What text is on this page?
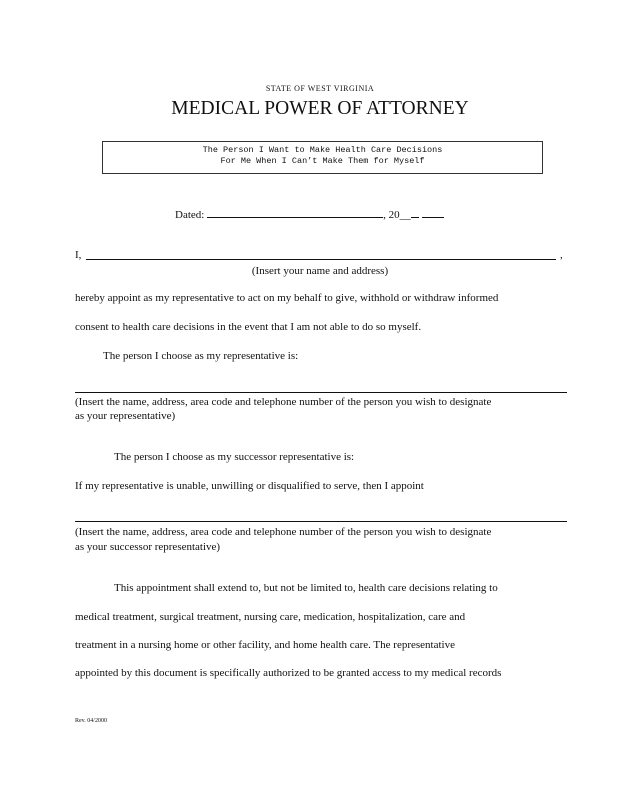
STATE OF WEST VIRGINIA
MEDICAL POWER OF ATTORNEY
The Person I Want to Make Health Care Decisions
For Me When I Can’t Make Them for Myself
Dated:	, 20__
I,	,
(Insert your name and address)
hereby appoint as my representative to act on my behalf to give, withhold or withdraw informed
consent to health care decisions in the event that I am not able to do so myself.
The person I choose as my representative is:
(Insert the name, address, area code and telephone number of the person you wish to designate
as your representative)
The person I choose as my successor representative is:
If my representative is unable, unwilling or disqualified to serve, then I appoint
(Insert the name, address, area code and telephone number of the person you wish to designate
as your successor representative)
This appointment shall extend to, but not be limited to, health care decisions relating to
medical treatment, surgical treatment, nursing care, medication, hospitalization, care and
treatment in a nursing home or other facility, and home health care. The representative
appointed by this document is specifically authorized to be granted access to my medical records
Rev. 04/2000
